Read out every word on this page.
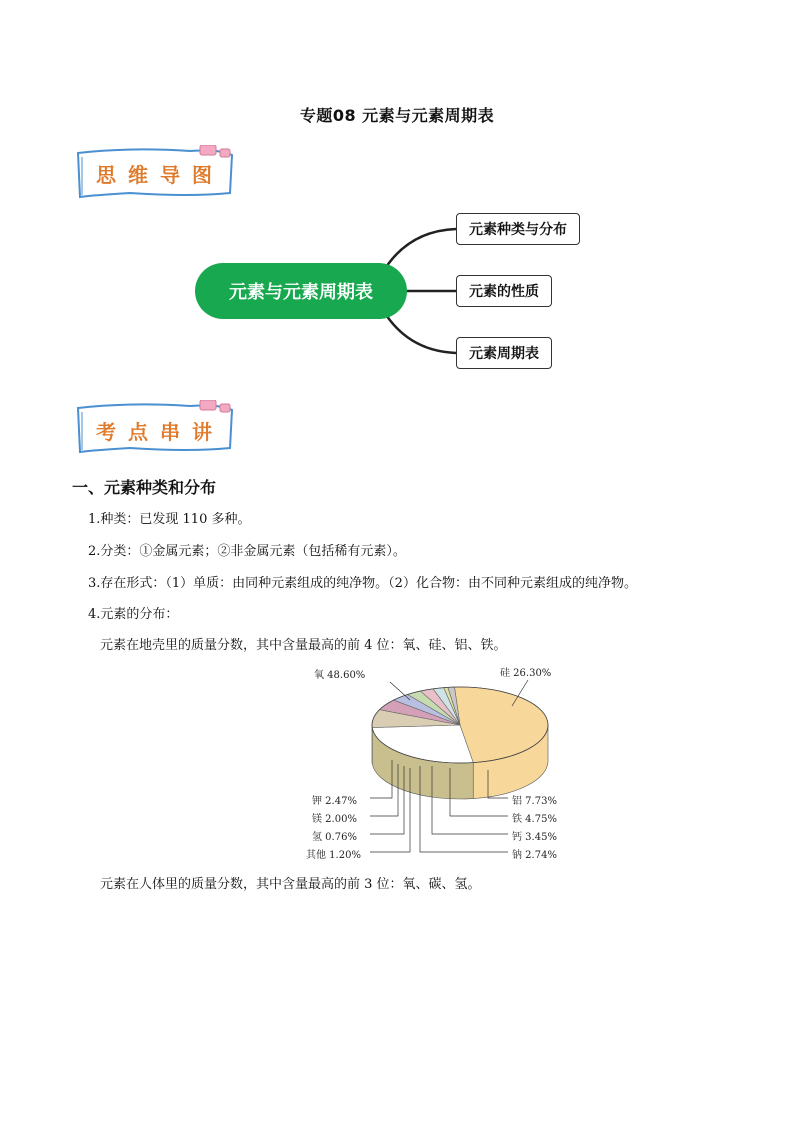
专题08 元素与元素周期表
思维导图
元素与元素周期表
元素种类与分布
元素的性质
元素周期表
考点串讲
一、元素种类和分布
1.种类：已发现 110 多种。
2.分类：①金属元素；②非金属元素（包括稀有元素）。
3.存在形式：（1）单质：由同种元素组成的纯净物。（2）化合物：由不同种元素组成的纯净物。
4.元素的分布：
元素在地壳里的质量分数，其中含量最高的前 4 位：氧、硅、铝、铁。
氧 48.60%	硅 26.30%
铝 7.73%
铁 4.75%
钙 3.45%
钠 2.74%
钾 2.47%
镁 2.00%
氢 0.76%
其他 1.20%
元素在人体里的质量分数，其中含量最高的前 3 位：氧、碳、氢。
